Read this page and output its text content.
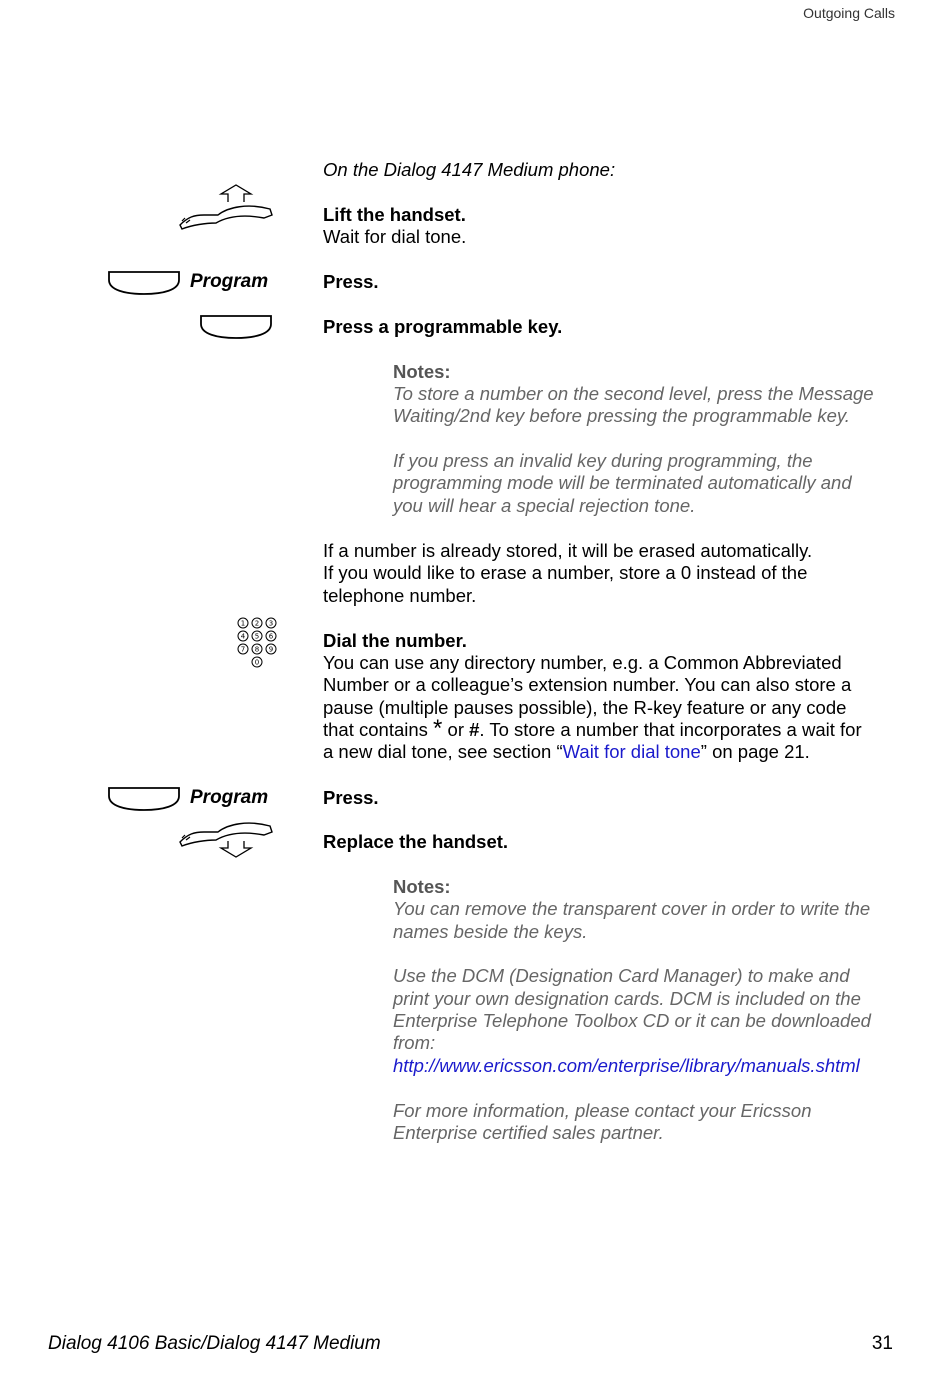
Outgoing Calls
On the Dialog 4147 Medium phone:
Lift the handset.
Wait for dial tone.
Program	Press.
Press a programmable key.
Notes:
To store a number on the second level, press the Message
Waiting/2nd key before pressing the programmable key.
If you press an invalid key during programming, the
programming mode will be terminated automatically and
you will hear a special rejection tone.
If a number is already stored, it will be erased automatically.
If you would like to erase a number, store a 0 instead of the
telephone number.
1 2 3
4 5 6
7 8 9
0
Dial the number.
You can use any directory number, e.g. a Common Abbreviated
Number or a colleague’s extension number. You can also store a
pause (multiple pauses possible), the R-key feature or any code
that contains * or #. To store a number that incorporates a wait for
a new dial tone, see section “Wait for dial tone” on page 21.
Program	Press.
Replace the handset.
Notes:
You can remove the transparent cover in order to write the
names beside the keys.
Use the DCM (Designation Card Manager) to make and
print your own designation cards. DCM is included on the
Enterprise Telephone Toolbox CD or it can be downloaded
from:
http://www.ericsson.com/enterprise/library/manuals.shtml
For more information, please contact your Ericsson
Enterprise certified sales partner.
Dialog 4106 Basic/Dialog 4147 Medium	31
